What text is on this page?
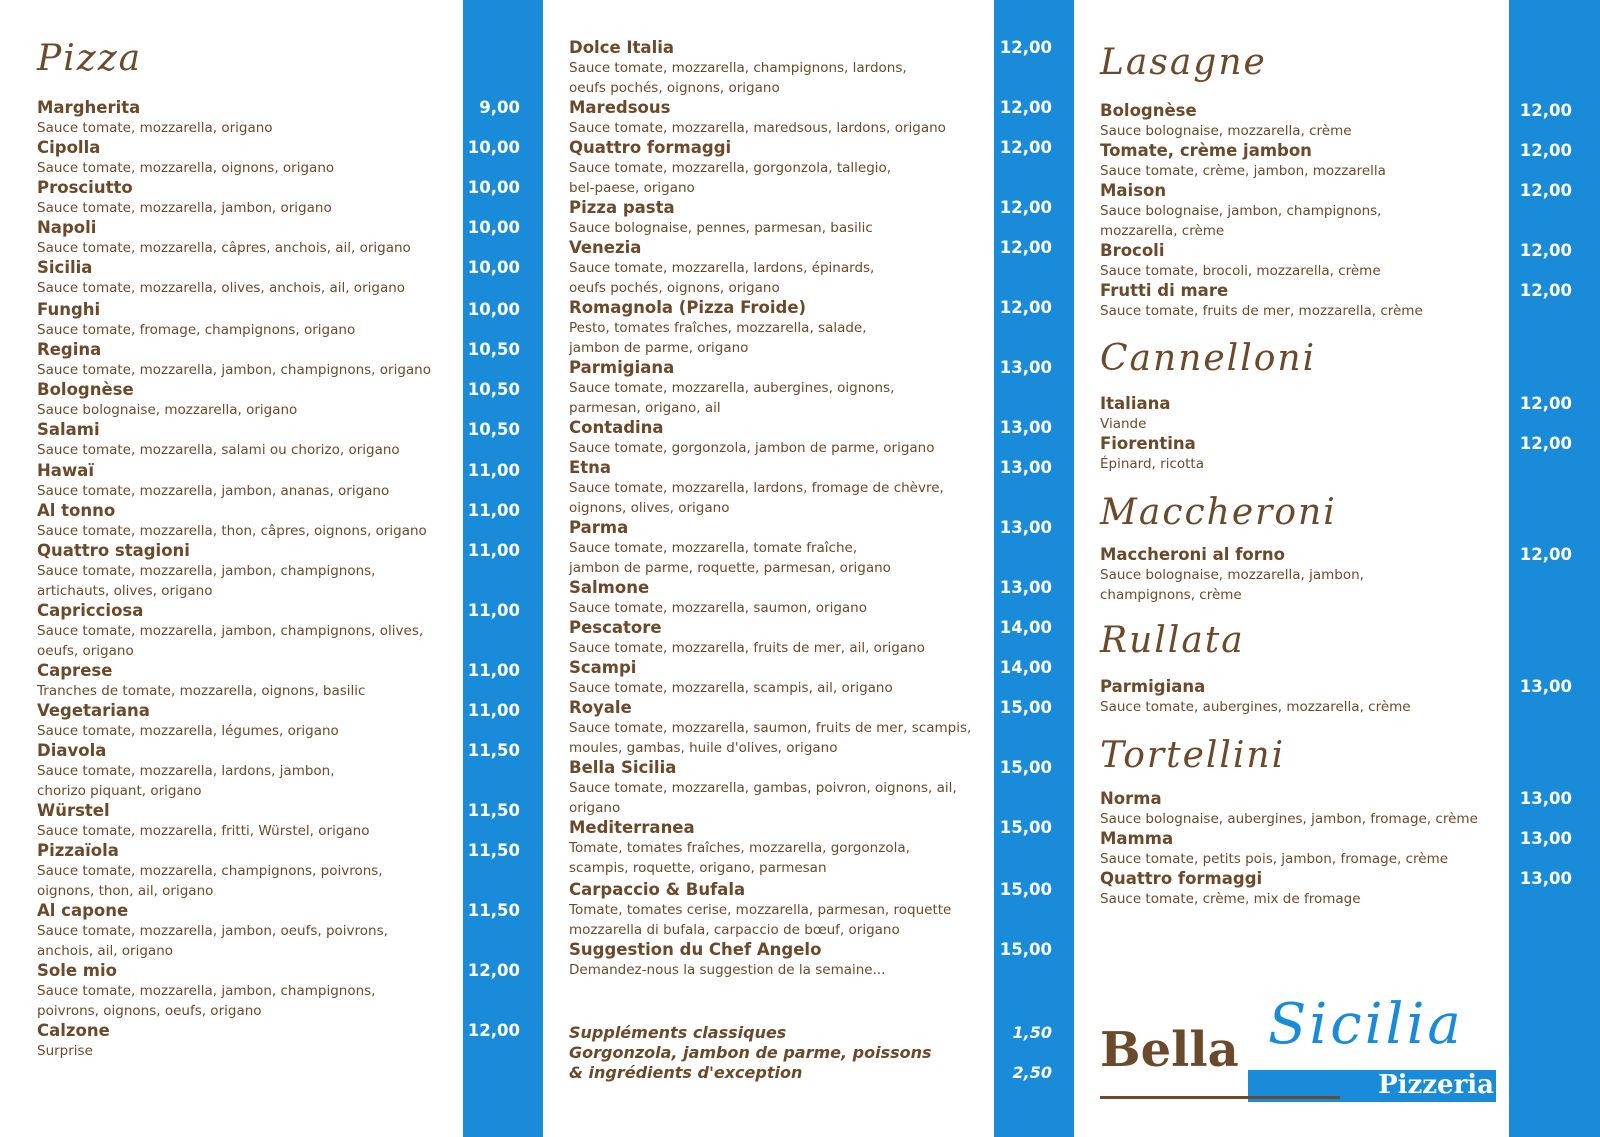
Pizza
Margherita
Sauce tomate, mozzarella, origano
9,00
Cipolla
Sauce tomate, mozzarella, oignons, origano
10,00
Prosciutto
Sauce tomate, mozzarella, jambon, origano
10,00
Napoli
Sauce tomate, mozzarella, câpres, anchois, ail, origano
10,00
Sicilia
Sauce tomate, mozzarella, olives, anchois, ail, origano
10,00
Funghi
Sauce tomate, fromage, champignons, origano
10,00
Regina
Sauce tomate, mozzarella, jambon, champignons, origano
10,50
Bolognèse
Sauce bolognaise, mozzarella, origano
10,50
Salami
Sauce tomate, mozzarella, salami ou chorizo, origano
10,50
Hawaï
Sauce tomate, mozzarella, jambon, ananas, origano
11,00
Al tonno
Sauce tomate, mozzarella, thon, câpres, oignons, origano
11,00
Quattro stagioni
Sauce tomate, mozzarella, jambon, champignons,
artichauts, olives, origano
11,00
Capricciosa
Sauce tomate, mozzarella, jambon, champignons, olives,
oeufs, origano
11,00
Caprese
Tranches de tomate, mozzarella, oignons, basilic
11,00
Vegetariana
Sauce tomate, mozzarella, légumes, origano
11,00
Diavola
Sauce tomate, mozzarella, lardons, jambon,
chorizo piquant, origano
11,50
Würstel
Sauce tomate, mozzarella, fritti, Würstel, origano
11,50
Pizzaïola
Sauce tomate, mozzarella, champignons, poivrons,
oignons, thon, ail, origano
11,50
Al capone
Sauce tomate, mozzarella, jambon, oeufs, poivrons,
anchois, ail, origano
11,50
Sole mio
Sauce tomate, mozzarella, jambon, champignons,
poivrons, oignons, oeufs, origano
12,00
Calzone
Surprise
12,00
Dolce Italia
Sauce tomate, mozzarella, champignons, lardons,
oeufs pochés, oignons, origano
12,00
Maredsous
Sauce tomate, mozzarella, maredsous, lardons, origano
12,00
Quattro formaggi
Sauce tomate, mozzarella, gorgonzola, tallegio,
bel-paese, origano
12,00
Pizza pasta
Sauce bolognaise, pennes, parmesan, basilic
12,00
Venezia
Sauce tomate, mozzarella, lardons, épinards,
oeufs pochés, oignons, origano
12,00
Romagnola (Pizza Froide)
Pesto, tomates fraîches, mozzarella, salade,
jambon de parme, origano
12,00
Parmigiana
Sauce tomate, mozzarella, aubergines, oignons,
parmesan, origano, ail
13,00
Contadina
Sauce tomate, gorgonzola, jambon de parme, origano
13,00
Etna
Sauce tomate, mozzarella, lardons, fromage de chèvre,
oignons, olives, origano
13,00
Parma
Sauce tomate, mozzarella, tomate fraîche,
jambon de parme, roquette, parmesan, origano
13,00
Salmone
Sauce tomate, mozzarella, saumon, origano
13,00
Pescatore
Sauce tomate, mozzarella, fruits de mer, ail, origano
14,00
Scampi
Sauce tomate, mozzarella, scampis, ail, origano
14,00
Royale
Sauce tomate, mozzarella, saumon, fruits de mer, scampis,
moules, gambas, huile d'olives, origano
15,00
Bella Sicilia
Sauce tomate, mozzarella, gambas, poivron, oignons, ail,
origano
15,00
Mediterranea
Tomate, tomates fraîches, mozzarella, gorgonzola,
scampis, roquette, origano, parmesan
15,00
Carpaccio & Bufala
Tomate, tomates cerise, mozzarella, parmesan, roquette
mozzarella di bufala, carpaccio de bœuf, origano
15,00
Suggestion du Chef Angelo
Demandez-nous la suggestion de la semaine...
15,00
Lasagne
Bolognèse
Sauce bolognaise, mozzarella, crème
12,00
Tomate, crème jambon
Sauce tomate, crème, jambon, mozzarella
12,00
Maison
Sauce bolognaise, jambon, champignons,
mozzarella, crème
12,00
Brocoli
Sauce tomate, brocoli, mozzarella, crème
12,00
Frutti di mare
Sauce tomate, fruits de mer, mozzarella, crème
12,00
Cannelloni
Italiana
Viande
12,00
Fiorentina
Épinard, ricotta
12,00
Maccheroni
Maccheroni al forno
Sauce bolognaise, mozzarella, jambon,
champignons, crème
12,00
Rullata
Parmigiana
Sauce tomate, aubergines, mozzarella, crème
13,00
Tortellini
Norma
Sauce bolognaise, aubergines, jambon, fromage, crème
13,00
Mamma
Sauce tomate, petits pois, jambon, fromage, crème
13,00
Quattro formaggi
Sauce tomate, crème, mix de fromage
13,00
Suppléments classiques	1,50
Gorgonzola, jambon de parme, poissons
& ingrédients d'exception	2,50 Bella Sicilia
Pizzeria
